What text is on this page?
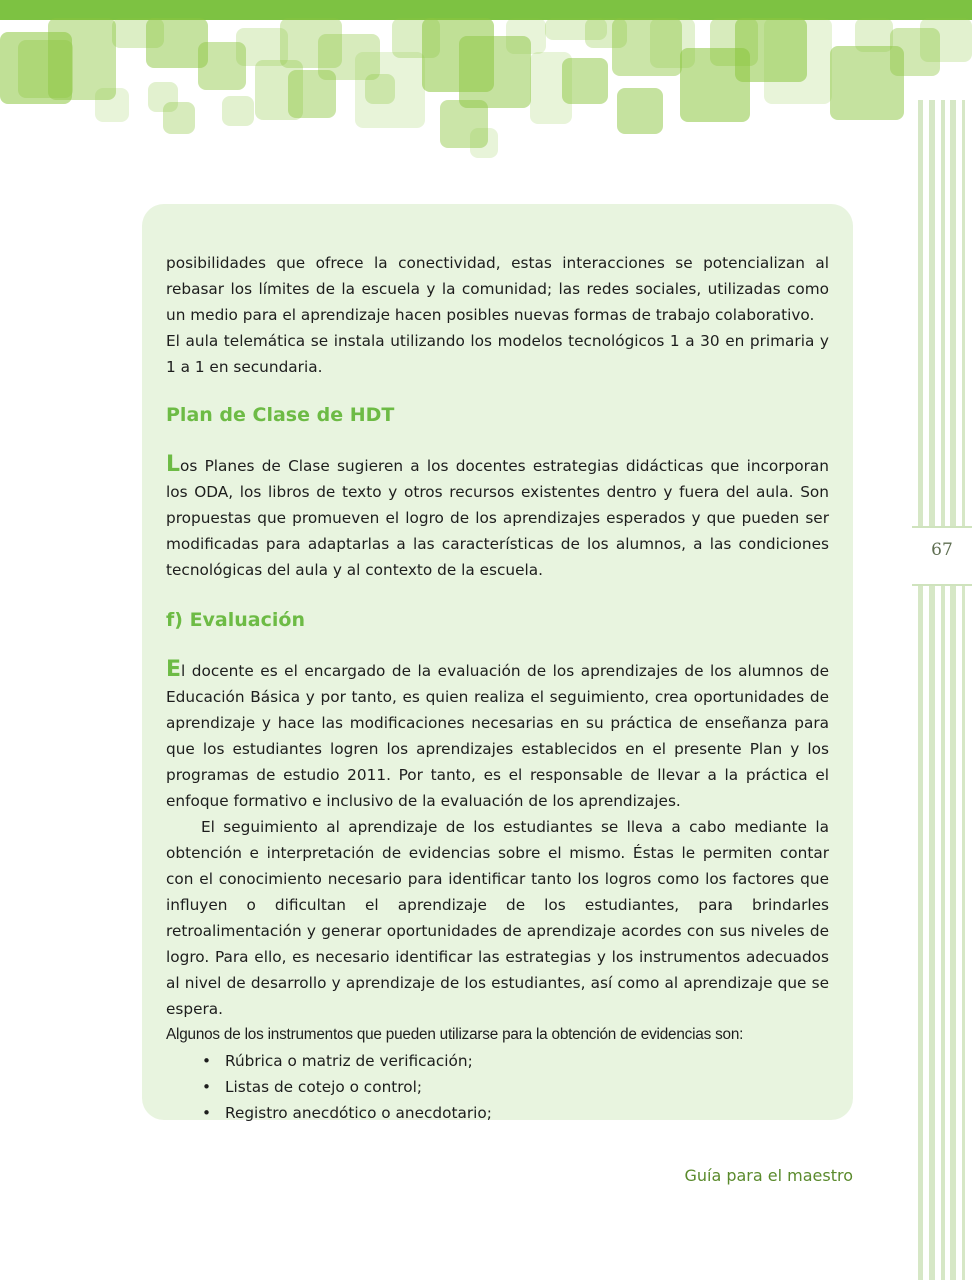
67

posibilidades que ofrece la conectividad, estas interacciones se potencializan al rebasar los límites de la escuela y la comunidad; las redes sociales, utilizadas como un medio para el aprendizaje hacen posibles nuevas formas de trabajo colaborativo.

El aula telemática se instala utilizando los modelos tecnológicos 1 a 30 en primaria y 1 a 1 en secundaria.

Plan de Clase de HDT

Los Planes de Clase sugieren a los docentes estrategias didácticas que incorporan los ODA, los libros de texto y otros recursos existentes dentro y fuera del aula. Son propuestas que promueven el logro de los aprendizajes esperados y que pueden ser modificadas para adaptarlas a las características de los alumnos, a las condiciones tecnológicas del aula y al contexto de la escuela.

f) Evaluación

El docente es el encargado de la evaluación de los aprendizajes de los alumnos de Educación Básica y por tanto, es quien realiza el seguimiento, crea oportunidades de aprendizaje y hace las modificaciones necesarias en su práctica de enseñanza para que los estudiantes logren los aprendizajes establecidos en el presente Plan y los programas de estudio 2011. Por tanto, es el responsable de llevar a la práctica el enfoque formativo e inclusivo de la evaluación de los aprendizajes.

El seguimiento al aprendizaje de los estudiantes se lleva a cabo mediante la obtención e interpretación de evidencias sobre el mismo. Éstas le permiten contar con el conocimiento necesario para identificar tanto los logros como los factores que influyen o dificultan el aprendizaje de los estudiantes, para brindarles retroalimentación y generar oportunidades de aprendizaje acordes con sus niveles de logro. Para ello, es necesario identificar las estrategias y los instrumentos adecuados al nivel de desarrollo y aprendizaje de los estudiantes, así como al aprendizaje que se espera.

Algunos de los instrumentos que pueden utilizarse para la obtención de evidencias son:

• Rúbrica o matriz de verificación;
• Listas de cotejo o control;
• Registro anecdótico o anecdotario;
Guía para el maestro
